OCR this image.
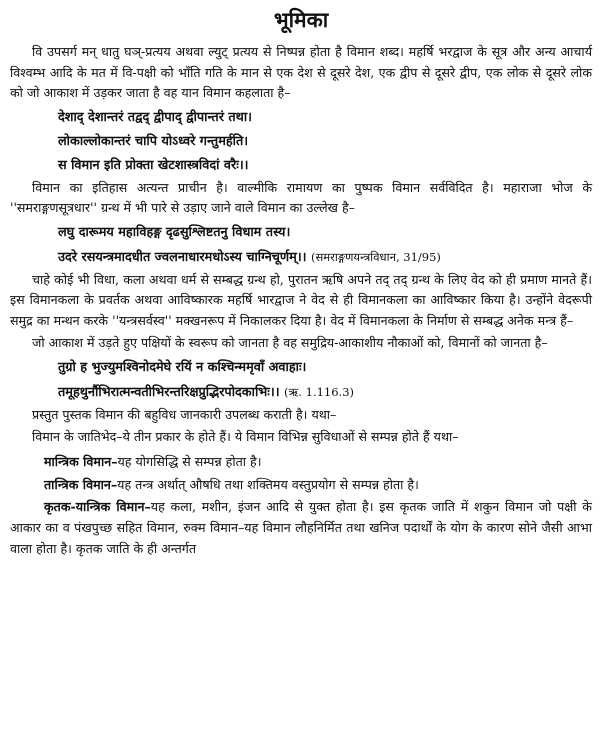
भूमिका

वि उपसर्ग मन् धातु घञ्-प्रत्यय अथवा ल्युट् प्रत्यय से निष्पन्न होता है विमान शब्द। महर्षि भरद्वाज के सूत्र और अन्य आचार्य विश्वम्भ आदि के मत में वि-पक्षी को भाँति गति के मान से एक देश से दूसरे देश, एक द्वीप से दूसरे द्वीप, एक लोक से दूसरे लोक को जो आकाश में उड़कर जाता है वह यान विमान कहलाता है–

देशाद् देशान्तरं तद्वद् द्वीपाद् द्वीपान्तरं तथा।

लोकाल्लोकान्तरं चापि योऽध्वरे गन्तुमर्हति।

स विमान इति प्रोक्ता खेटशास्त्रविदां वरैः।।

विमान का इतिहास अत्यन्त प्राचीन है। वाल्मीकि रामायण का पुष्पक विमान सर्वविदित है। महाराजा भोज के ''समराङ्गणसूत्रधार'' ग्रन्थ में भी पारे से उड़ाए जाने वाले विमान का उल्लेख है–

लघु दारूमय महाविहङ्ग दृढसुश्लिष्टतनु विधाम तस्य।

उदरे रसयन्त्रमादधीत ज्वलनाधारमधोऽस्य चाग्निचूर्णम्।। (समराङ्गणयन्त्रविधान, 31/95)

चाहे कोई भी विधा, कला अथवा धर्म से सम्बद्ध ग्रन्थ हो, पुरातन ऋषि अपने तद् तद् ग्रन्थ के लिए वेद को ही प्रमाण मानते हैं। इस विमानकला के प्रवर्तक अथवा आविष्कारक महर्षि भारद्वाज ने वेद से ही विमानकला का आविष्कार किया है। उन्होंने वेदरूपी समुद्र का मन्थन करके ''यन्त्रसर्वस्व'' मक्खनरूप में निकालकर दिया है। वेद में विमानकला के निर्माण से सम्बद्ध अनेक मन्त्र हैं–

जो आकाश में उड़ते हुए पक्षियों के स्वरूप को जानता है वह समुद्रिय-आकाशीय नौकाओं को, विमानों को जानता है–

तुग्रो ह भुज्युमश्विनोदमेघे रयिं न कश्चिन्ममृवाँ अवाहाः।

तमूहथुर्नौभिरात्मन्वतीभिरन्तरिक्षप्रुद्भिरपोदकाभिः।। (ऋ. 1.116.3)

प्रस्तुत पुस्तक विमान की बहुविध जानकारी उपलब्ध कराती है। यथा–

विमान के जातिभेद–ये तीन प्रकार के होते हैं। ये विमान विभिन्न सुविधाओं से सम्पन्न होते हैं यथा–

मान्त्रिक विमान–यह योगसिद्धि से सम्पन्न होता है।

तान्त्रिक विमान–यह तन्त्र अर्थात् औषधि तथा शक्तिमय वस्तुप्रयोग से सम्पन्न होता है।

कृतक-यान्त्रिक विमान–यह कला, मशीन, इंजन आदि से युक्त होता है। इस कृतक जाति में शकुन विमान जो पक्षी के आकार का व पंखपुच्छ सहित विमान, रुक्म विमान–यह विमान लौहनिर्मित तथा खनिज पदार्थों के योग के कारण सोने जैसी आभा वाला होता है। कृतक जाति के ही अन्तर्गत
